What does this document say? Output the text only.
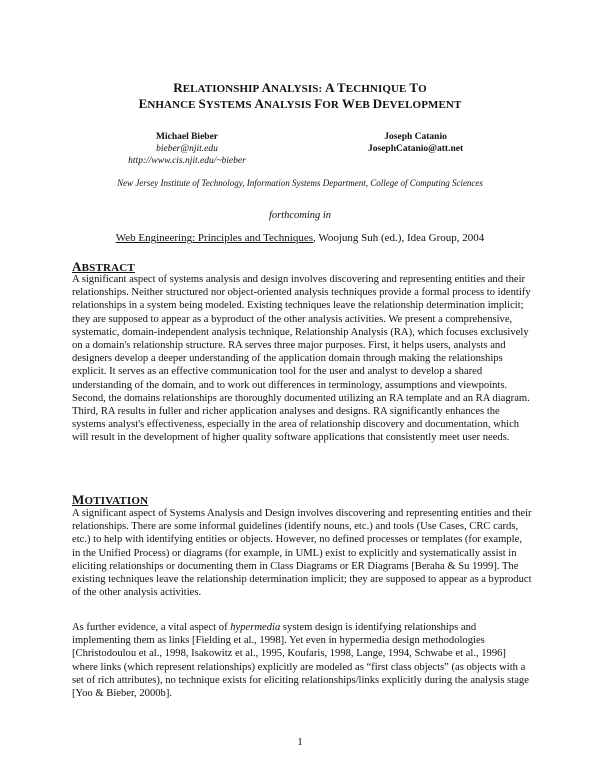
RELATIONSHIP ANALYSIS: A TECHNIQUE TO
ENHANCE SYSTEMS ANALYSIS FOR WEB DEVELOPMENT
Michael Bieber
bieber@njit.edu
http://www.cis.njit.edu/~bieber
Joseph Catanio
JosephCatanio@att.net
New Jersey Institute of Technology, Information Systems Department, College of Computing Sciences
forthcoming in
Web Engineering: Principles and Techniques, Woojung Suh (ed.), Idea Group, 2004
ABSTRACT
A significant aspect of systems analysis and design involves discovering and representing entities and their relationships. Neither structured nor object-oriented analysis techniques provide a formal process to identify relationships in a system being modeled. Existing techniques leave the relationship determination implicit; they are supposed to appear as a byproduct of the other analysis activities. We present a comprehensive, systematic, domain-independent analysis technique, Relationship Analysis (RA), which focuses exclusively on a domain's relationship structure. RA serves three major purposes. First, it helps users, analysts and designers develop a deeper understanding of the application domain through making the relationships explicit. It serves as an effective communication tool for the user and analyst to develop a shared understanding of the domain, and to work out differences in terminology, assumptions and viewpoints. Second, the domains relationships are thoroughly documented utilizing an RA template and an RA diagram. Third, RA results in fuller and richer application analyses and designs. RA significantly enhances the systems analyst's effectiveness, especially in the area of relationship discovery and documentation, which will result in the development of higher quality software applications that consistently meet user needs.
MOTIVATION
A significant aspect of Systems Analysis and Design involves discovering and representing entities and their relationships. There are some informal guidelines (identify nouns, etc.) and tools (Use Cases, CRC cards, etc.) to help with identifying entities or objects. However, no defined processes or templates (for example, in the Unified Process) or diagrams (for example, in UML) exist to explicitly and systematically assist in eliciting relationships or documenting them in Class Diagrams or ER Diagrams [Beraha & Su 1999]. The existing techniques leave the relationship determination implicit; they are supposed to appear as a byproduct of the other analysis activities.
As further evidence, a vital aspect of hypermedia system design is identifying relationships and implementing them as links [Fielding et al., 1998]. Yet even in hypermedia design methodologies [Christodoulou et al., 1998, Isakowitz et al., 1995, Koufaris, 1998, Lange, 1994, Schwabe et al., 1996] where links (which represent relationships) explicitly are modeled as “first class objects” (as objects with a set of rich attributes), no technique exists for eliciting relationships/links explicitly during the analysis stage [Yoo & Bieber, 2000b].
1
